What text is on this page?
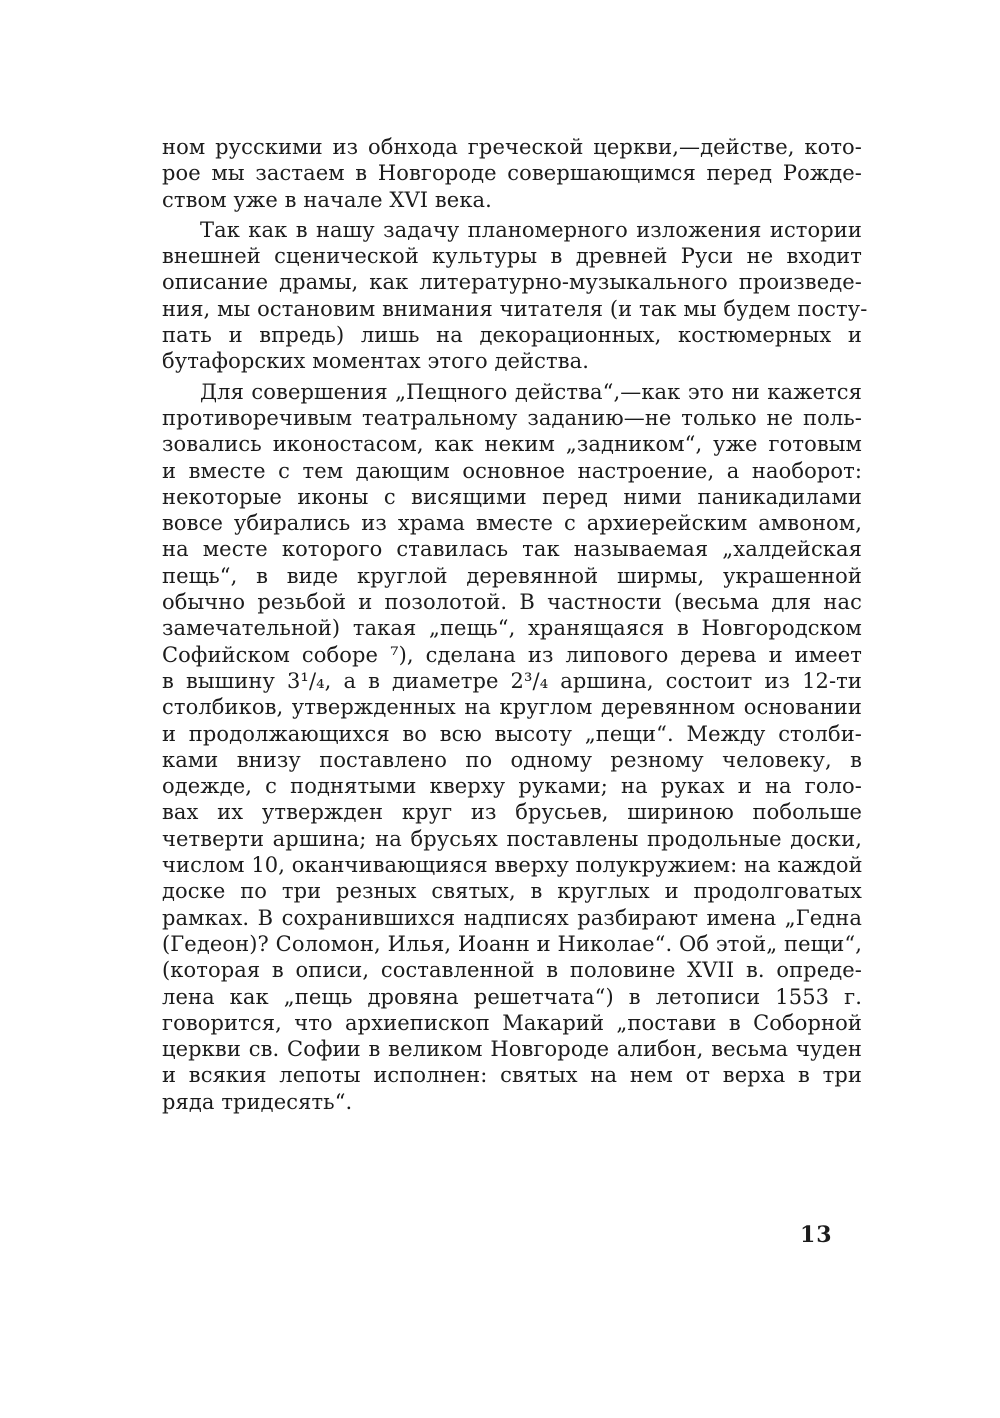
ном русскими из обнхода греческой церкви,—действе, кото-
рое мы застаем в Новгороде совершающимся перед Рожде-
ством уже в начале XVI века.
Так как в нашу задачу планомерного изложения истории
внешней сценической культуры в древней Руси не входит
описание драмы, как литературно-музыкального произведе-
ния, мы остановим внимания читателя (и так мы будем посту-
пать и впредь) лишь на декорационных, костюмерных и
бутафорских моментах этого действа.
Для совершения „Пещного действа“,—как это ни кажется
противоречивым театральному заданию—не только не поль-
зовались иконостасом, как неким „задником“, уже готовым
и вместе с тем дающим основное настроение, а наоборот:
некоторые иконы с висящими перед ними паникадилами
вовсе убирались из храма вместе с архиерейским амвоном,
на месте которого ставилась так называемая „халдейская
пещь“, в виде круглой деревянной ширмы, украшенной
обычно резьбой и позолотой. В частности (весьма для нас
замечательной) такая „пещь“, хранящаяся в Новгородском
Софийском соборе ⁷), сделана из липового дерева и имеет
в вышину 3¹/₄, а в диаметре 2³/₄ аршина, состоит из 12-ти
столбиков, утвержденных на круглом деревянном основании
и продолжающихся во всю высоту „пещи“. Между столби-
ками внизу поставлено по одному резному человеку, в
одежде, с поднятыми кверху руками; на руках и на голо-
вах их утвержден круг из брусьев, шириною побольше
четверти аршина; на брусьях поставлены продольные доски,
числом 10, оканчивающияся вверху полукружием: на каждой
доске по три резных святых, в круглых и продолговатых
рамках. В сохранившихся надписях разбирают имена „Гедна
(Гедеон)? Соломон, Илья, Иоанн и Николае“. Об этой„ пещи“,
(которая в описи, составленной в половине XVII в. опреде-
лена как „пещь дровяна решетчата“) в летописи 1553 г.
говорится, что архиепископ Макарий „постави в Соборной
церкви св. Софии в великом Новгороде алибон, весьма чуден
и всякия лепоты исполнен: святых на нем от верха в три
ряда тридесять“.
13
